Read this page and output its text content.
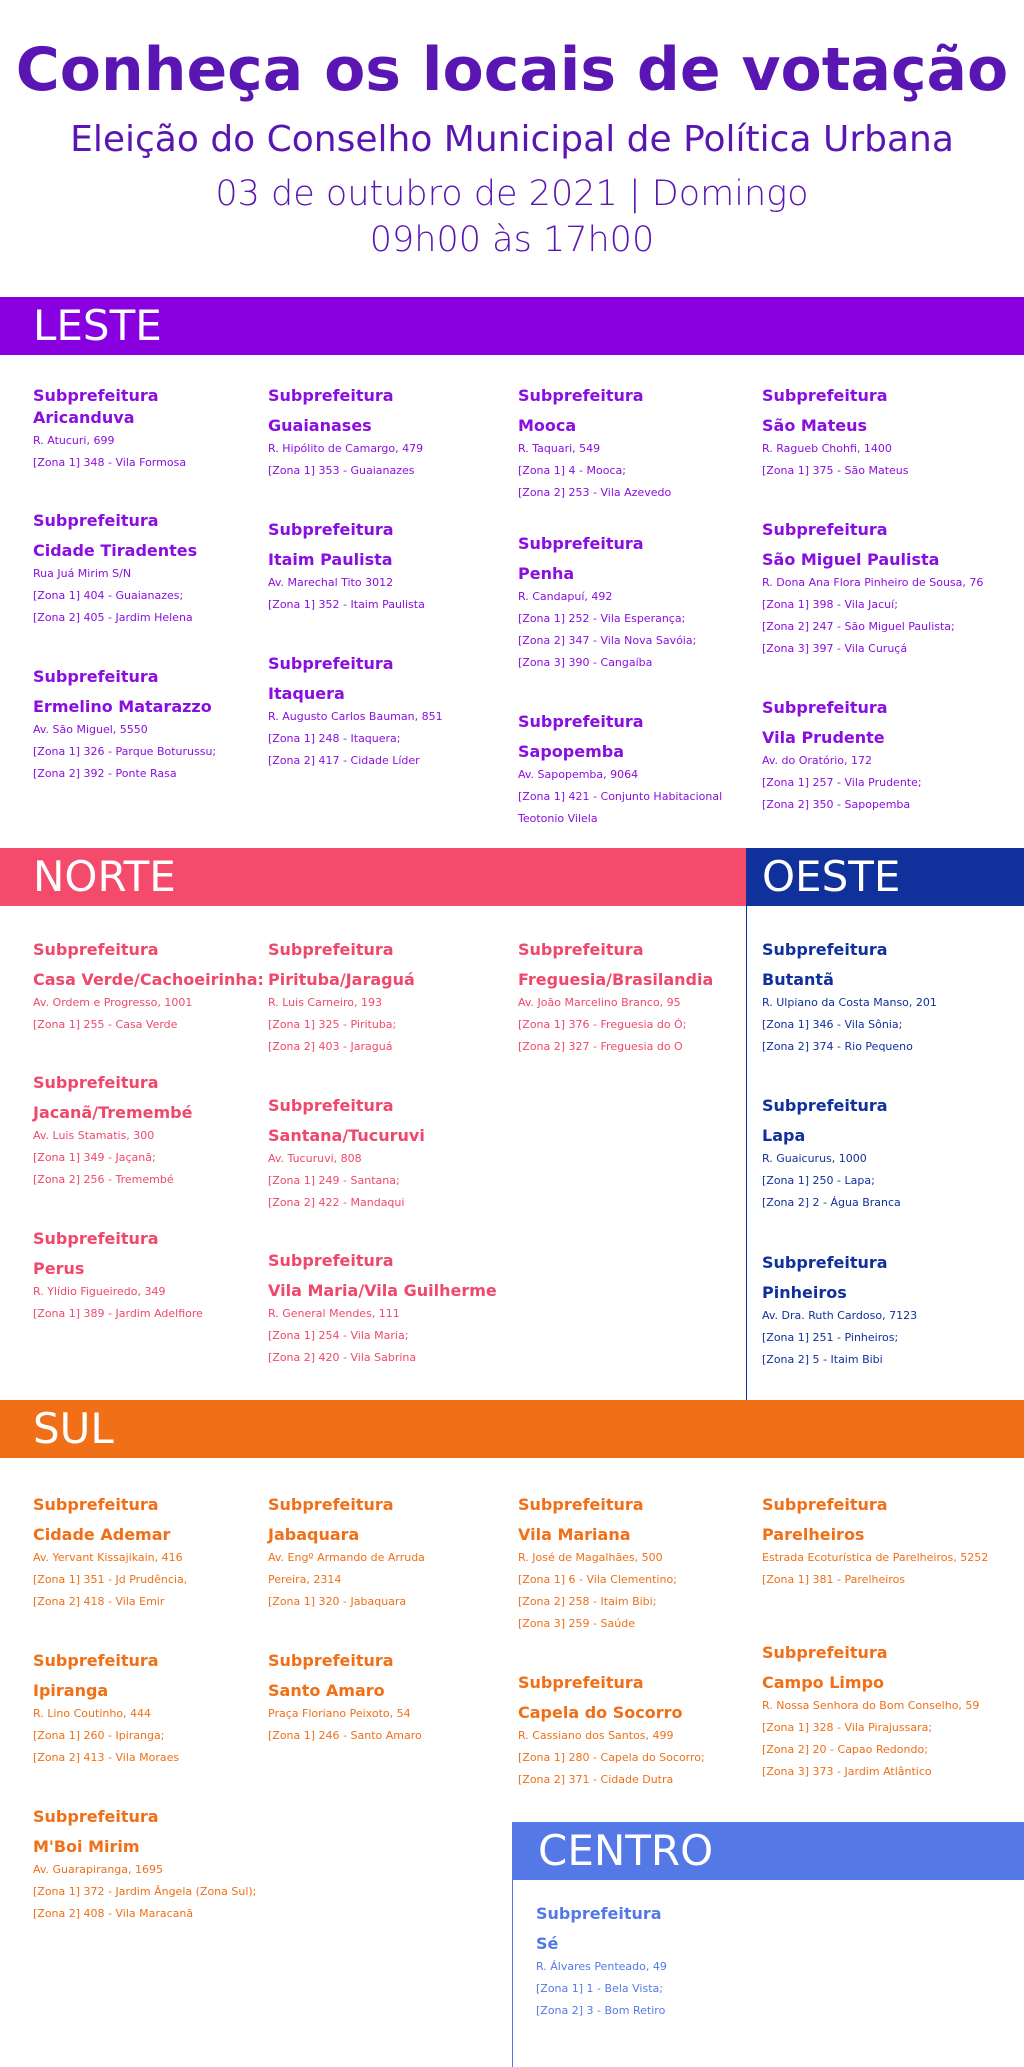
Conheça os locais de votação
Eleição do Conselho Municipal de Política Urbana
03 de outubro de 2021 | Domingo
09h00 às 17h00
LESTE
NORTE	OESTE
SUL
CENTRO
Subprefeitura
Aricanduva
R. Atucuri, 699
[Zona 1] 348 - Vila Formosa
Subprefeitura
Cidade Tiradentes
Rua Juá Mirim S/N
[Zona 1] 404 - Guaianazes;
[Zona 2] 405 - Jardim Helena
Subprefeitura
Ermelino Matarazzo
Av. São Miguel, 5550
[Zona 1] 326 - Parque Boturussu;
[Zona 2] 392 - Ponte Rasa
Subprefeitura
Guaianases
R. Hipólito de Camargo, 479
[Zona 1] 353 - Guaianazes
Subprefeitura
Itaim Paulista
Av. Marechal Tito 3012
[Zona 1] 352 - Itaim Paulista
Subprefeitura
Itaquera
R. Augusto Carlos Bauman, 851
[Zona 1] 248 - Itaquera;
[Zona 2] 417 - Cidade Líder
Subprefeitura
Mooca
R. Taquari, 549
[Zona 1] 4 - Mooca;
[Zona 2] 253 - Vila Azevedo
Subprefeitura
Penha
R. Candapuí, 492
[Zona 1] 252 - Vila Esperança;
[Zona 2] 347 - Vila Nova Savóia;
[Zona 3] 390 - Cangaíba
Subprefeitura
Sapopemba
Av. Sapopemba, 9064
[Zona 1] 421 - Conjunto Habitacional
Teotonio Vilela
Subprefeitura
São Mateus
R. Ragueb Chohfi, 1400
[Zona 1] 375 - São Mateus
Subprefeitura
São Miguel Paulista
R. Dona Ana Flora Pinheiro de Sousa, 76
[Zona 1] 398 - Vila Jacuí;
[Zona 2] 247 - São Miguel Paulista;
[Zona 3] 397 - Vila Curuçá
Subprefeitura
Vila Prudente
Av. do Oratório, 172
[Zona 1] 257 - Vila Prudente;
[Zona 2] 350 - Sapopemba
Subprefeitura
Casa Verde/Cachoeirinha:
Av. Ordem e Progresso, 1001
[Zona 1] 255 - Casa Verde
Subprefeitura
Jacanã/Tremembé
Av. Luis Stamatis, 300
[Zona 1] 349 - Jaçanã;
[Zona 2] 256 - Tremembé
Subprefeitura
Perus
R. Ylídio Figueiredo, 349
[Zona 1] 389 - Jardim Adelfiore
Subprefeitura
Pirituba/Jaraguá
R. Luis Carneiro, 193
[Zona 1] 325 - Pirituba;
[Zona 2] 403 - Jaraguá
Subprefeitura
Santana/Tucuruvi
Av. Tucuruvi, 808
[Zona 1] 249 - Santana;
[Zona 2] 422 - Mandaqui
Subprefeitura
Vila Maria/Vila Guilherme
R. General Mendes, 111
[Zona 1] 254 - Vila Maria;
[Zona 2] 420 - Vila Sabrina
Subprefeitura
Freguesia/Brasilandia
Av. João Marcelino Branco, 95
[Zona 1] 376 - Freguesia do Ó;
[Zona 2] 327 - Freguesia do O
Subprefeitura
Butantã
R. Ulpiano da Costa Manso, 201
[Zona 1] 346 - Vila Sônia;
[Zona 2] 374 - Rio Pequeno
Subprefeitura
Lapa
R. Guaicurus, 1000
[Zona 1] 250 - Lapa;
[Zona 2] 2 - Água Branca
Subprefeitura
Pinheiros
Av. Dra. Ruth Cardoso, 7123
[Zona 1] 251 - Pinheiros;
[Zona 2] 5 - Itaim Bibi
Subprefeitura
Cidade Ademar
Av. Yervant Kissajikain, 416
[Zona 1] 351 - Jd Prudência,
[Zona 2] 418 - Vila Emir
Subprefeitura
Ipiranga
R. Lino Coutinho, 444
[Zona 1] 260 - Ipiranga;
[Zona 2] 413 - Vila Moraes
Subprefeitura
M'Boi Mirim
Av. Guarapiranga, 1695
[Zona 1] 372 - Jardim Ângela (Zona Sul);
[Zona 2] 408 - Vila Maracanã
Subprefeitura
Jabaquara
Av. Engº Armando de Arruda
Pereira, 2314
[Zona 1] 320 - Jabaquara
Subprefeitura
Santo Amaro
Praça Floriano Peixoto, 54
[Zona 1] 246 - Santo Amaro
Subprefeitura
Vila Mariana
R. José de Magalhães, 500
[Zona 1] 6 - Vila Clementino;
[Zona 2] 258 - Itaim Bibi;
[Zona 3] 259 - Saúde
Subprefeitura
Capela do Socorro
R. Cassiano dos Santos, 499
[Zona 1] 280 - Capela do Socorro;
[Zona 2] 371 - Cidade Dutra
Subprefeitura
Parelheiros
Estrada Ecoturística de Parelheiros, 5252
[Zona 1] 381 - Parelheiros
Subprefeitura
Campo Limpo
R. Nossa Senhora do Bom Conselho, 59
[Zona 1] 328 - Vila Pirajussara;
[Zona 2] 20 - Capao Redondo;
[Zona 3] 373 - Jardim Atlântico
Subprefeitura
Sé
R. Álvares Penteado, 49
[Zona 1] 1 - Bela Vista;
[Zona 2] 3 - Bom Retiro
